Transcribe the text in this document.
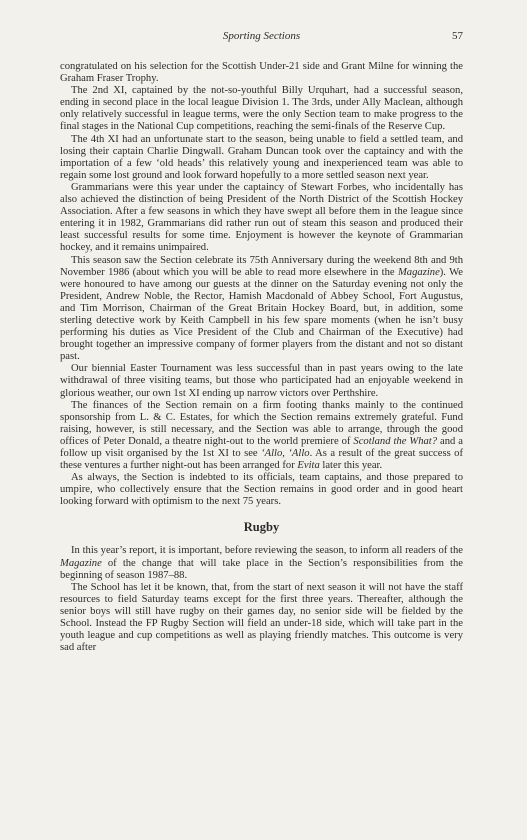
Sporting Sections	57

congratulated on his selection for the Scottish Under-21 side and Grant Milne for winning the Graham Fraser Trophy.

The 2nd XI, captained by the not-so-youthful Billy Urquhart, had a successful season, ending in second place in the local league Division 1. The 3rds, under Ally Maclean, although only relatively successful in league terms, were the only Section team to make progress to the final stages in the National Cup competitions, reaching the semi-finals of the Reserve Cup.

The 4th XI had an unfortunate start to the season, being unable to field a settled team, and losing their captain Charlie Dingwall. Graham Duncan took over the captaincy and with the importation of a few ‘old heads’ this relatively young and inexperienced team was able to regain some lost ground and look forward hopefully to a more settled season next year.

Grammarians were this year under the captaincy of Stewart Forbes, who incidentally has also achieved the distinction of being President of the North District of the Scottish Hockey Association. After a few seasons in which they have swept all before them in the league since entering it in 1982, Grammarians did rather run out of steam this season and produced their least successful results for some time. Enjoyment is however the keynote of Grammarian hockey, and it remains unimpaired.

This season saw the Section celebrate its 75th Anniversary during the weekend 8th and 9th November 1986 (about which you will be able to read more elsewhere in the Magazine). We were honoured to have among our guests at the dinner on the Saturday evening not only the President, Andrew Noble, the Rector, Hamish Macdonald of Abbey School, Fort Augustus, and Tim Morrison, Chairman of the Great Britain Hockey Board, but, in addition, some sterling detective work by Keith Campbell in his few spare moments (when he isn’t busy performing his duties as Vice President of the Club and Chairman of the Executive) had brought together an impressive company of former players from the distant and not so distant past.

Our biennial Easter Tournament was less successful than in past years owing to the late withdrawal of three visiting teams, but those who participated had an enjoyable weekend in glorious weather, our own 1st XI ending up narrow victors over Perthshire.

The finances of the Section remain on a firm footing thanks mainly to the continued sponsorship from L. & C. Estates, for which the Section remains extremely grateful. Fund raising, however, is still necessary, and the Section was able to arrange, through the good offices of Peter Donald, a theatre night-out to the world premiere of Scotland the What? and a follow up visit organised by the 1st XI to see ‘Allo, ‘Allo. As a result of the great success of these ventures a further night-out has been arranged for Evita later this year.

As always, the Section is indebted to its officials, team captains, and those prepared to umpire, who collectively ensure that the Section remains in good order and in good heart looking forward with optimism to the next 75 years.

Rugby

In this year’s report, it is important, before reviewing the season, to inform all readers of the Magazine of the change that will take place in the Section’s responsibilities from the beginning of season 1987–88.

The School has let it be known, that, from the start of next season it will not have the staff resources to field Saturday teams except for the first three years. Thereafter, although the senior boys will still have rugby on their games day, no senior side will be fielded by the School. Instead the FP Rugby Section will field an under-18 side, which will take part in the youth league and cup competitions as well as playing friendly matches. This outcome is very sad after
